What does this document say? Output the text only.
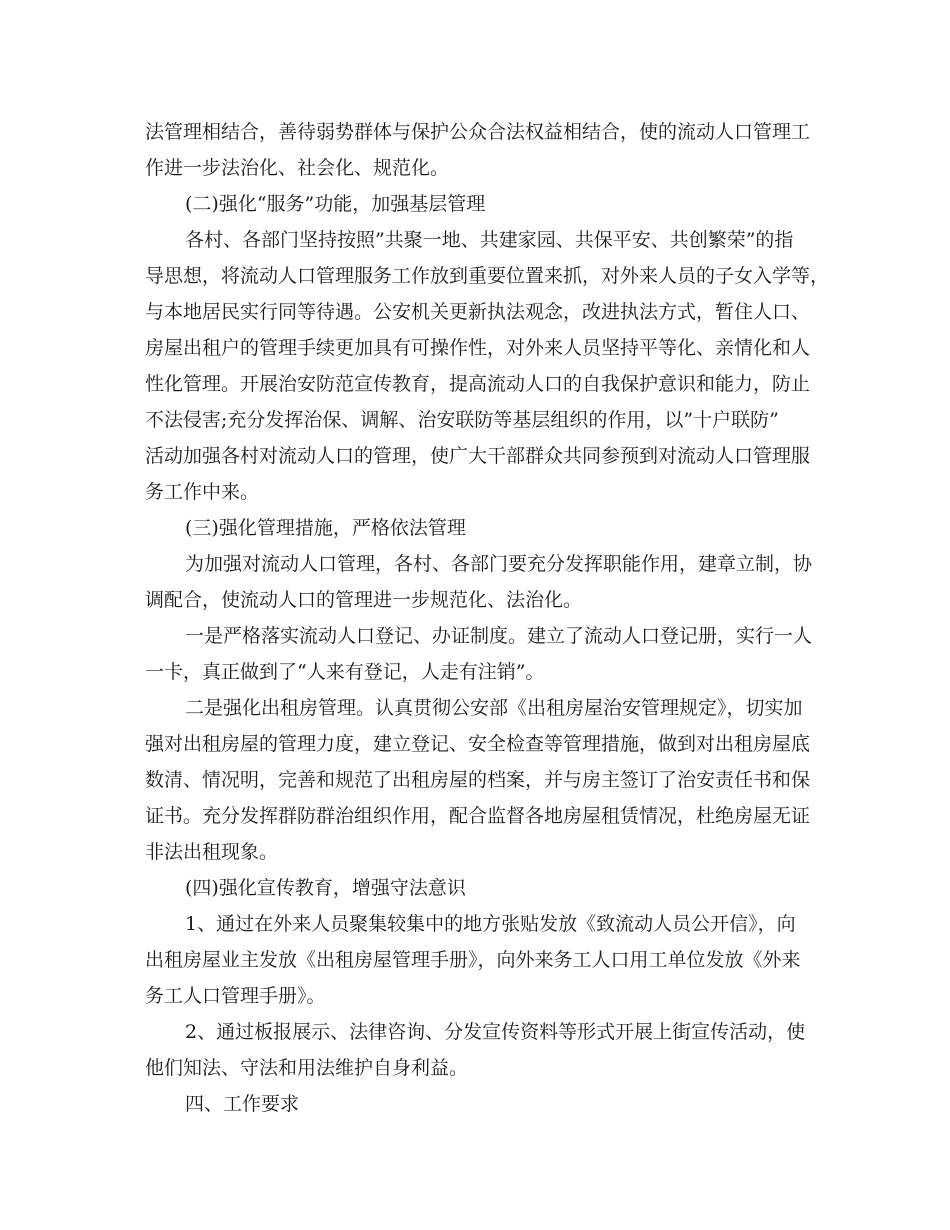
法管理相结合，善待弱势群体与保护公众合法权益相结合，使的流动人口管理工
作进一步法治化、社会化、规范化。
(二)强化“服务”功能，加强基层管理
各村、各部门坚持按照”共聚一地、共建家园、共保平安、共创繁荣”的指
导思想，将流动人口管理服务工作放到重要位置来抓，对外来人员的子女入学等，
与本地居民实行同等待遇。公安机关更新执法观念，改进执法方式，暂住人口、
房屋出租户的管理手续更加具有可操作性，对外来人员坚持平等化、亲情化和人
性化管理。开展治安防范宣传教育，提高流动人口的自我保护意识和能力，防止
不法侵害;充分发挥治保、调解、治安联防等基层组织的作用，以”十户联防”
活动加强各村对流动人口的管理，使广大干部群众共同参预到对流动人口管理服
务工作中来。
(三)强化管理措施，严格依法管理
为加强对流动人口管理，各村、各部门要充分发挥职能作用，建章立制，协
调配合，使流动人口的管理进一步规范化、法治化。
一是严格落实流动人口登记、办证制度。建立了流动人口登记册，实行一人
一卡，真正做到了“人来有登记，人走有注销”。
二是强化出租房管理。认真贯彻公安部《出租房屋治安管理规定》，切实加
强对出租房屋的管理力度，建立登记、安全检查等管理措施，做到对出租房屋底
数清、情况明，完善和规范了出租房屋的档案，并与房主签订了治安责任书和保
证书。充分发挥群防群治组织作用，配合监督各地房屋租赁情况，杜绝房屋无证
非法出租现象。
(四)强化宣传教育，增强守法意识
1、通过在外来人员聚集较集中的地方张贴发放《致流动人员公开信》，向
出租房屋业主发放《出租房屋管理手册》，向外来务工人口用工单位发放《外来
务工人口管理手册》。
2、通过板报展示、法律咨询、分发宣传资料等形式开展上街宣传活动，使
他们知法、守法和用法维护自身利益。
四、工作要求
